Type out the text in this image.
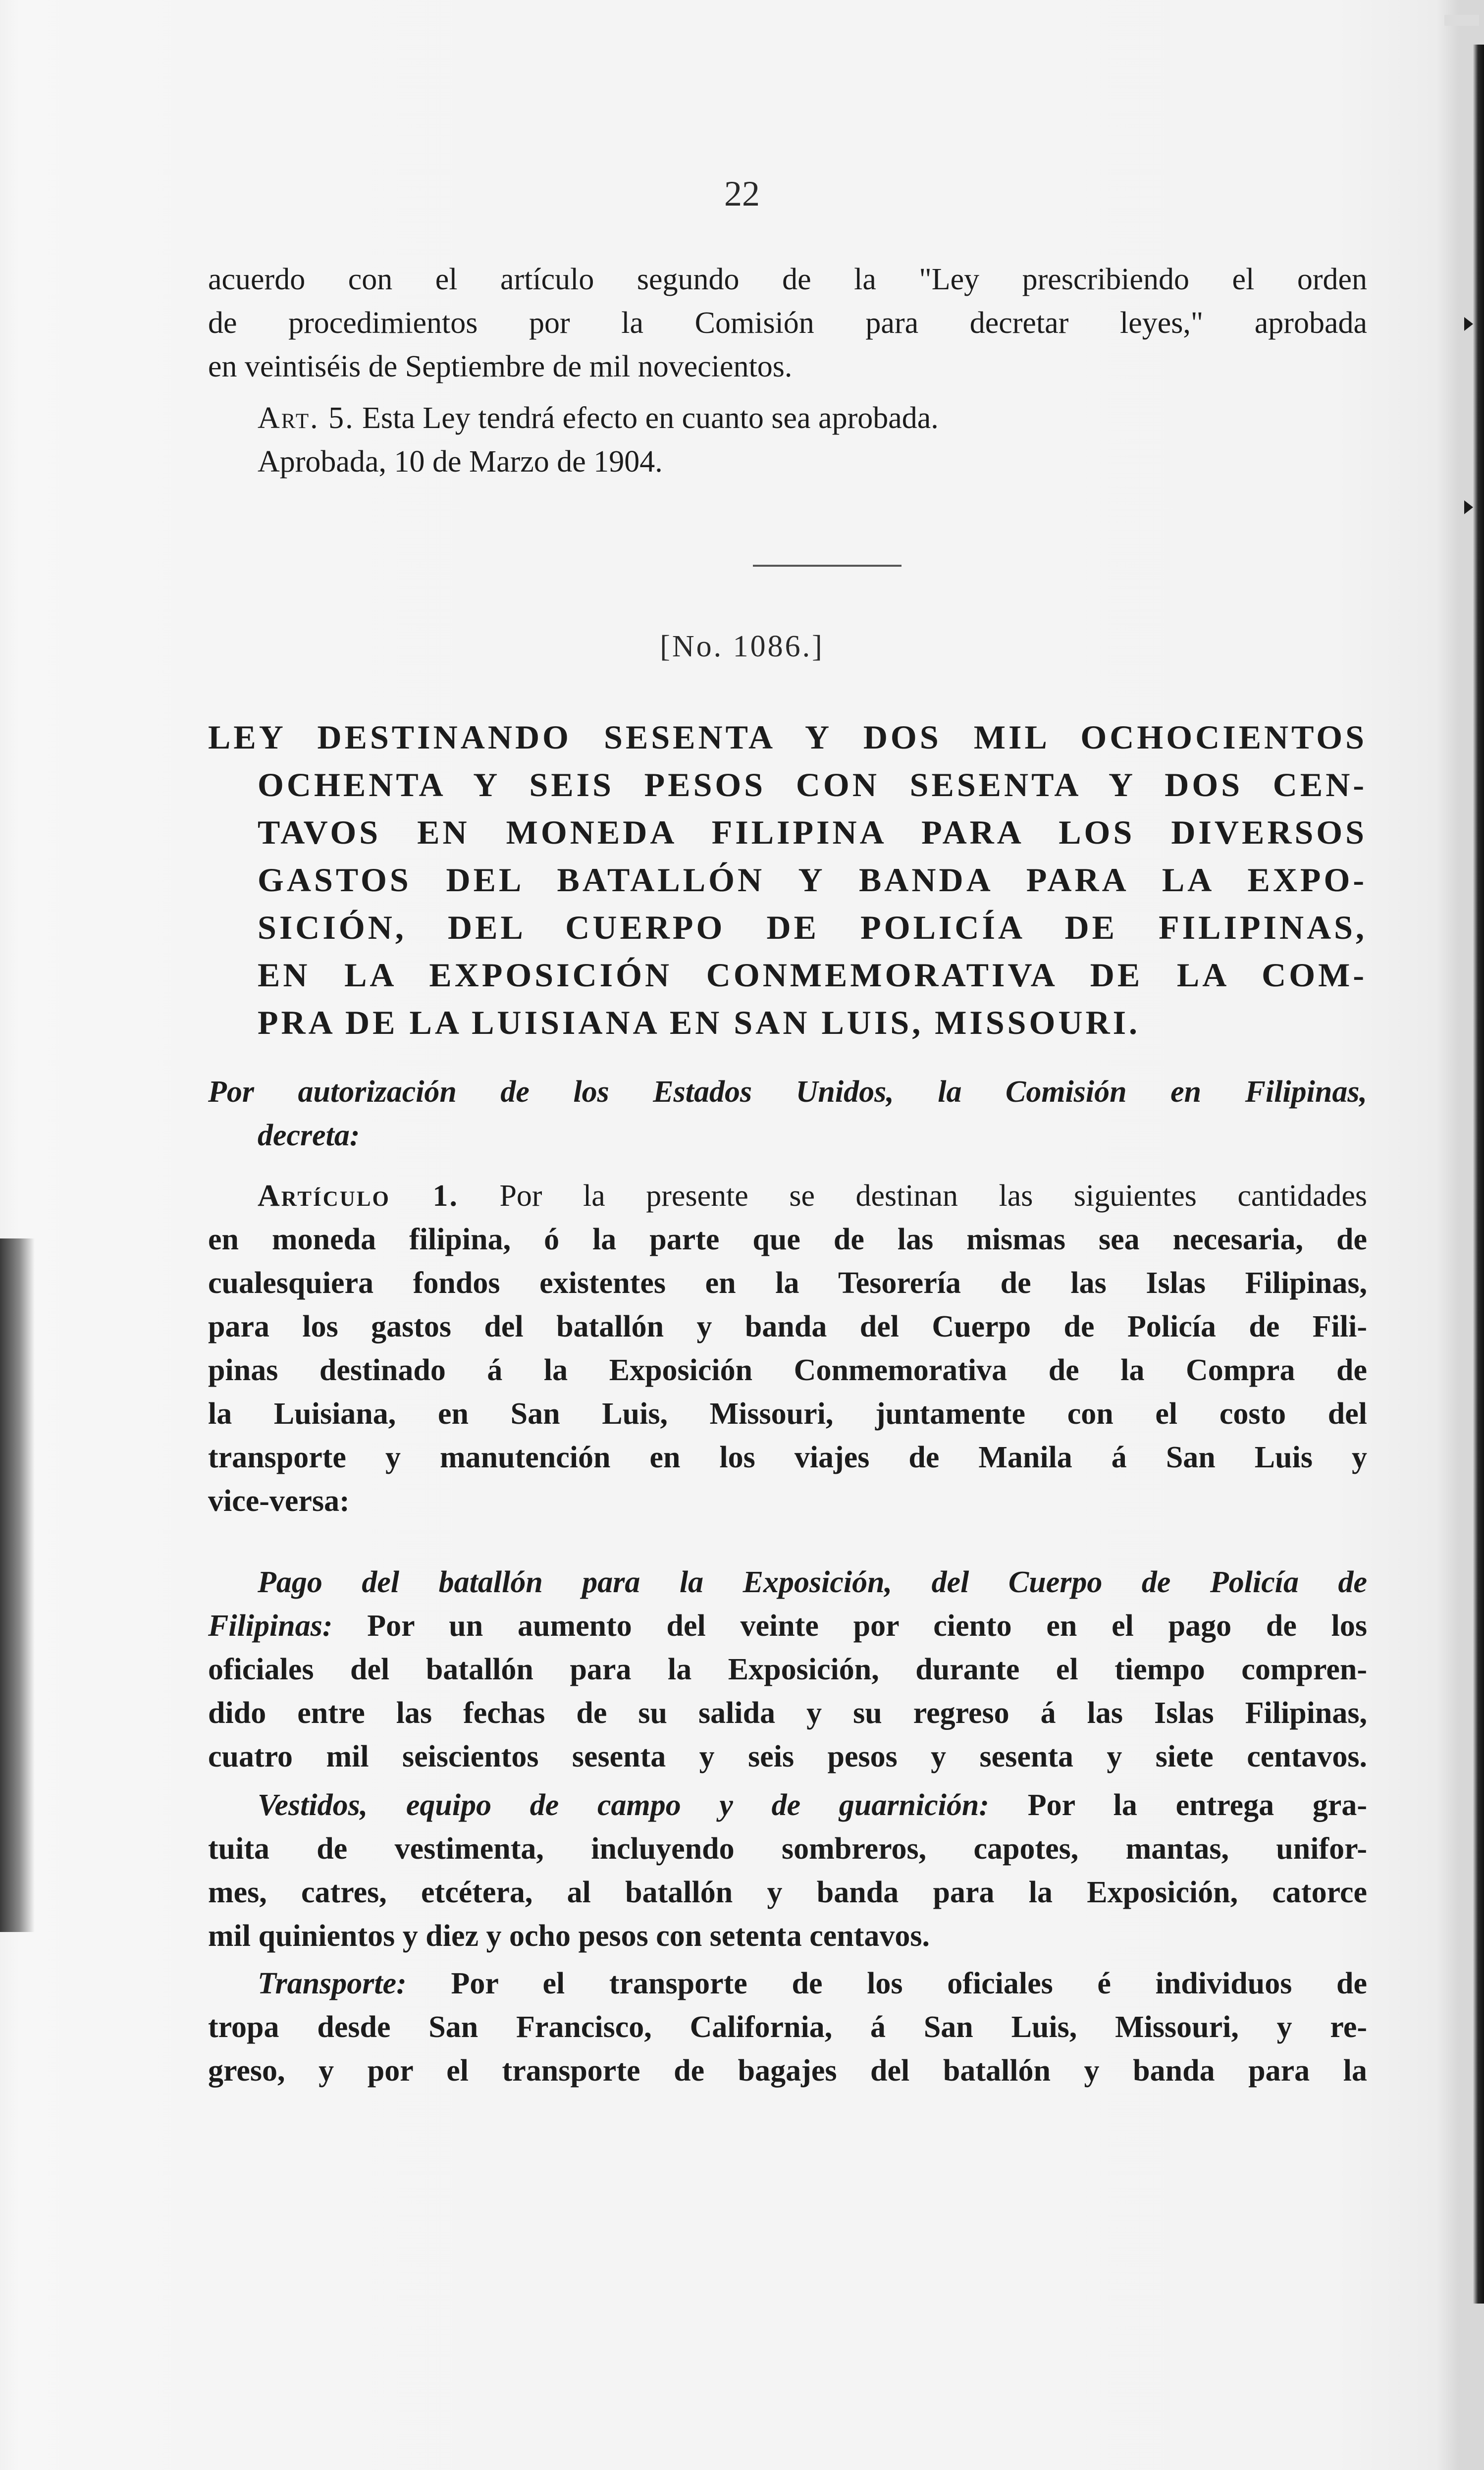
22
acuerdo con el artículo segundo de la "Ley prescribiendo el orden
de procedimientos por la Comisión para decretar leyes," aprobada
en veintiséis de Septiembre de mil novecientos.
Art. 5. Esta Ley tendrá efecto en cuanto sea aprobada.
Aprobada, 10 de Marzo de 1904.
[No. 1086.]
LEY DESTINANDO SESENTA Y DOS MIL OCHOCIENTOS
OCHENTA Y SEIS PESOS CON SESENTA Y DOS CEN-
TAVOS EN MONEDA FILIPINA PARA LOS DIVERSOS
GASTOS DEL BATALLÓN Y BANDA PARA LA EXPO-
SICIÓN, DEL CUERPO DE POLICÍA DE FILIPINAS,
EN LA EXPOSICIÓN CONMEMORATIVA DE LA COM-
PRA DE LA LUISIANA EN SAN LUIS, MISSOURI.
Por autorización de los Estados Unidos, la Comisión en Filipinas,
decreta:
Artículo 1. Por la presente se destinan las siguientes cantidades
en moneda filipina, ó la parte que de las mismas sea necesaria, de
cualesquiera fondos existentes en la Tesorería de las Islas Filipinas,
para los gastos del batallón y banda del Cuerpo de Policía de Fili-
pinas destinado á la Exposición Conmemorativa de la Compra de
la Luisiana, en San Luis, Missouri, juntamente con el costo del
transporte y manutención en los viajes de Manila á San Luis y
vice-versa:
Pago del batallón para la Exposición, del Cuerpo de Policía de
Filipinas: Por un aumento del veinte por ciento en el pago de los
oficiales del batallón para la Exposición, durante el tiempo compren-
dido entre las fechas de su salida y su regreso á las Islas Filipinas,
cuatro mil seiscientos sesenta y seis pesos y sesenta y siete centavos.
Vestidos, equipo de campo y de guarnición: Por la entrega gra-
tuita de vestimenta, incluyendo sombreros, capotes, mantas, unifor-
mes, catres, etcétera, al batallón y banda para la Exposición, catorce
mil quinientos y diez y ocho pesos con setenta centavos.
Transporte: Por el transporte de los oficiales é individuos de
tropa desde San Francisco, California, á San Luis, Missouri, y re-
greso, y por el transporte de bagajes del batallón y banda para la
